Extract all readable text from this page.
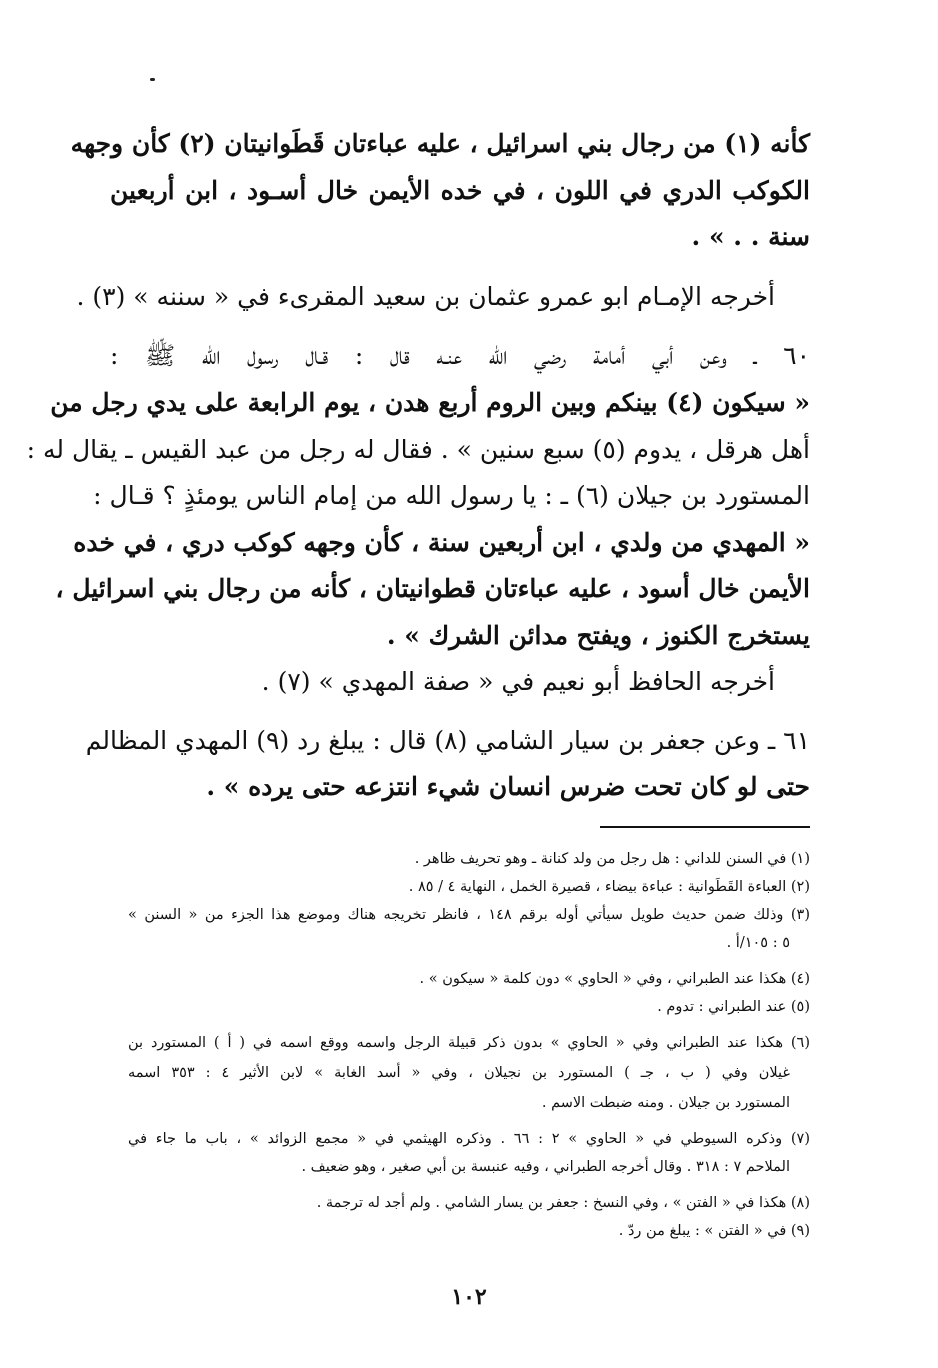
كأنه (١) من رجال بني اسرائيل ، عليه عباءتان قَطَوانيتان (٢) كأن وجهه
الكوكب الدري في اللون ، في خده الأيمن خال أسـود ، ابن أربعين
سنة . . » .
أخرجه الإمـام ابو عمرو عثمان بن سعيد المقرىء في « سننه » (٣) .
٦٠ ـ وعن أبي أمامة رضي الله عنـه قال : قـال رسول الله ﷺ :
« سيكون (٤) بينكم وبين الروم أربع هدن ، يوم الرابعة على يدي رجل من
أهل هرقل ، يدوم (٥) سبع سنين » . فقال له رجل من عبد القيس ـ يقال له :
المستورد بن جيلان (٦) ـ : يا رسول الله من إمام الناس يومئذٍ ؟ قـال :
« المهدي من ولدي ، ابن أربعين سنة ، كأن وجهه كوكب دري ، في خده
الأيمن خال أسود ، عليه عباءتان قطوانيتان ، كأنه من رجال بني اسرائيل ،
يستخرج الكنوز ، ويفتح مدائن الشرك » .
أخرجه الحافظ أبو نعيم في « صفة المهدي » (٧) .
٦١ ـ وعن جعفر بن سيار الشامي (٨) قال : يبلغ رد (٩) المهدي المظالم
حتى لو كان تحت ضرس انسان شيء انتزعه حتى يرده » .
(١) في السنن للداني : هل رجل من ولد كنانة ـ وهو تحريف ظاهر .
(٢) العباءة القَطَوانية : عباءة بيضاء ، قصيرة الخمل ، النهاية ٤ / ٨٥ .
(٣) وذلك ضمن حديث طويل سيأتي أوله برقم ١٤٨ ، فانظر تخريجه هناك وموضع هذا الجزء من « السنن »
٥ : ١٠٥/أ .
(٤) هكذا عند الطبراني ، وفي « الحاوي » دون كلمة « سيكون » .
(٥) عند الطبراني : تدوم .
(٦) هكذا عند الطبراني وفي « الحاوي » بدون ذكر قبيلة الرجل واسمه ووقع اسمه في ( أ ) المستورد بن
غيلان وفي ( ب ، جـ ) المستورد بن نجيلان ، وفي « أسد الغابة » لابن الأثير ٤ : ٣٥٣ اسمه
المستورد بن جيلان . ومنه ضبطت الاسم .
(٧) وذكره السيوطي في « الحاوي » ٢ : ٦٦ . وذكره الهيثمي في « مجمع الزوائد » ، باب ما جاء في
الملاحم ٧ : ٣١٨ . وقال أخرجه الطبراني ، وفيه عنبسة بن أبي صغير ، وهو ضعيف .
(٨) هكذا في « الفتن » ، وفي النسخ : جعفر بن يسار الشامي . ولم أجد له ترجمة .
(٩) في « الفتن » : يبلغ من ردّ .
١٠٢
